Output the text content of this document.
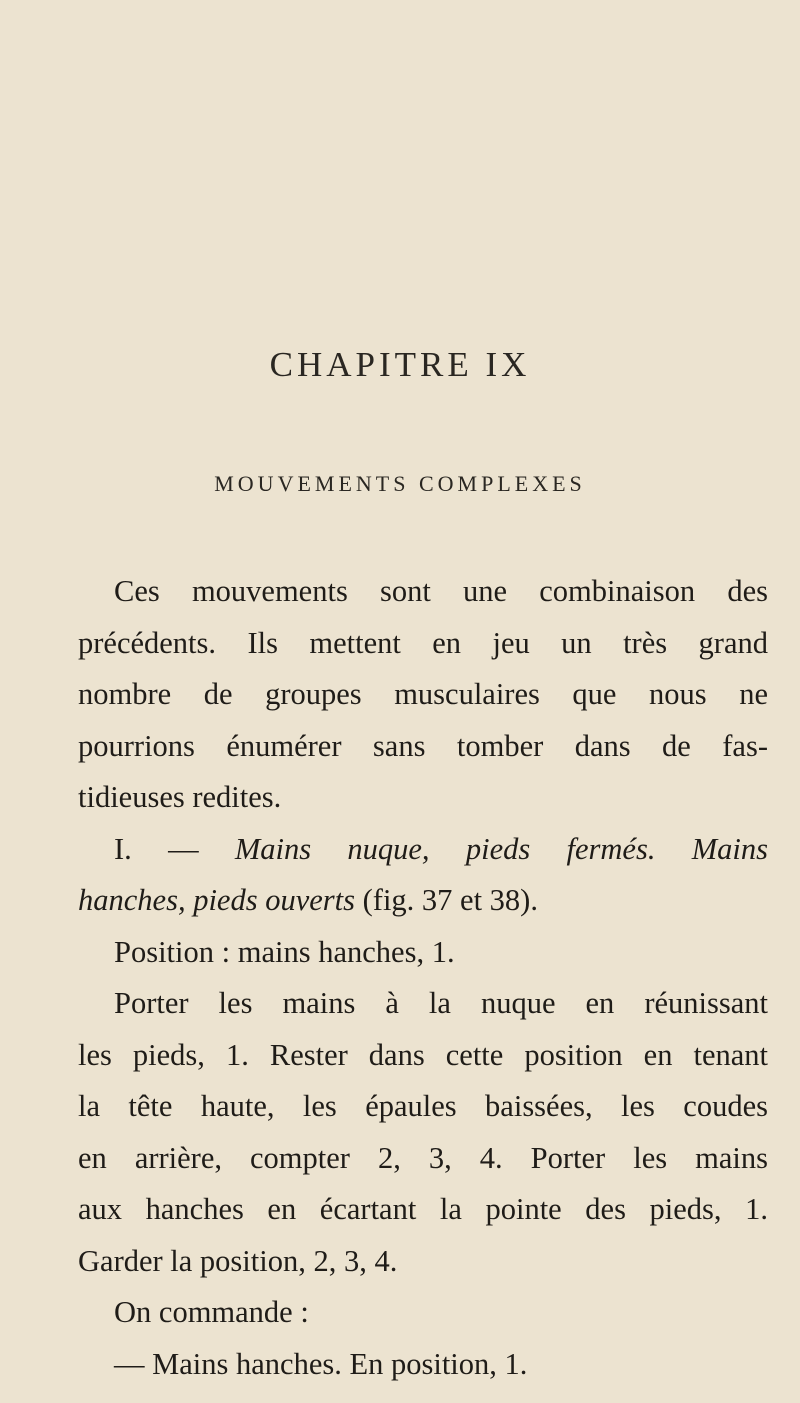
CHAPITRE IX
MOUVEMENTS COMPLEXES
Ces mouvements sont une combinaison des
précédents. Ils mettent en jeu un très grand
nombre de groupes musculaires que nous ne
pourrions énumérer sans tomber dans de fas-
tidieuses redites.
I. — Mains nuque, pieds fermés. Mains
hanches, pieds ouverts (fig. 37 et 38).
Position : mains hanches, 1.
Porter les mains à la nuque en réunissant
les pieds, 1. Rester dans cette position en tenant
la tête haute, les épaules baissées, les coudes
en arrière, compter 2, 3, 4. Porter les mains
aux hanches en écartant la pointe des pieds, 1.
Garder la position, 2, 3, 4.
On commande :
— Mains hanches. En position, 1.
